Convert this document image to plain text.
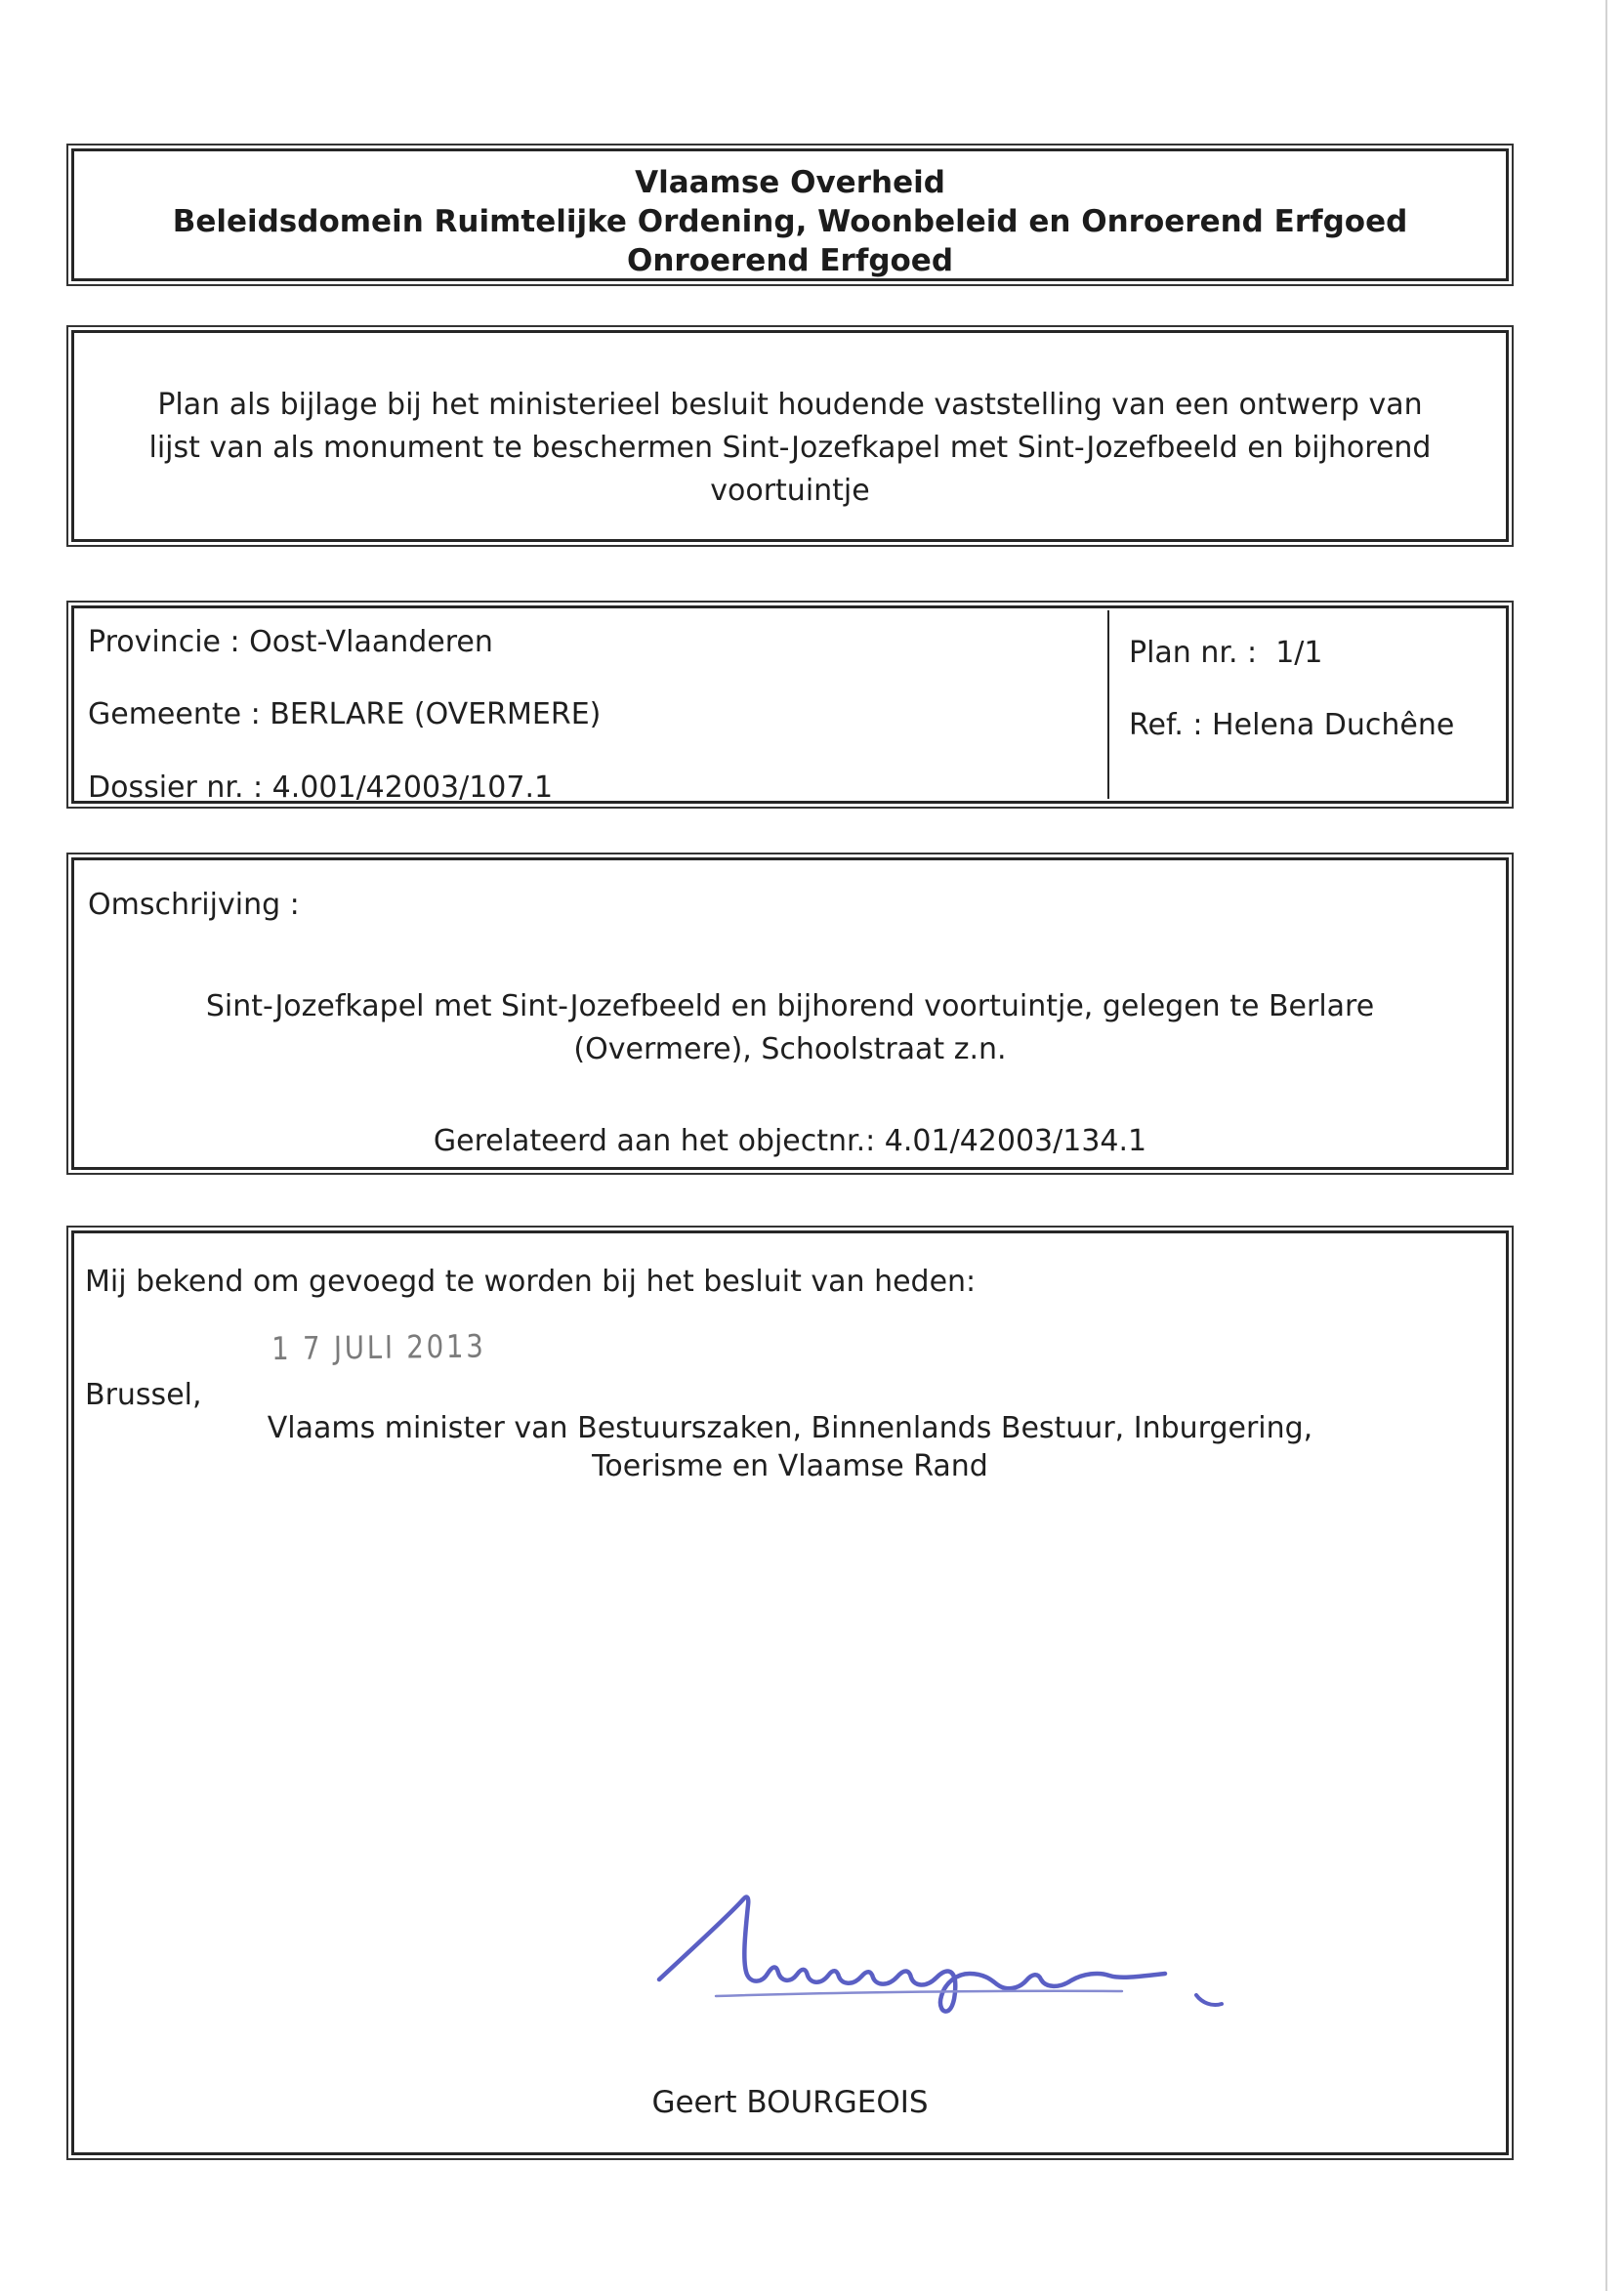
Vlaamse Overheid
Beleidsdomein Ruimtelijke Ordening, Woonbeleid en Onroerend Erfgoed
Onroerend Erfgoed
Plan als bijlage bij het ministerieel besluit houdende vaststelling van een ontwerp van
lijst van als monument te beschermen Sint-Jozefkapel met Sint-Jozefbeeld en bijhorend
voortuintje
Provincie : Oost-Vlaanderen
Gemeente : BERLARE (OVERMERE)
Dossier nr. : 4.001/42003/107.1
Plan nr. :  1/1
Ref. : Helena Duchêne
Omschrijving :
Sint-Jozefkapel met Sint-Jozefbeeld en bijhorend voortuintje, gelegen te Berlare
(Overmere), Schoolstraat z.n.
Gerelateerd aan het objectnr.: 4.01/42003/134.1
Mij bekend om gevoegd te worden bij het besluit van heden:
1 7 JULI 2013
Brussel,
Vlaams minister van Bestuurszaken, Binnenlands Bestuur, Inburgering,
Toerisme en Vlaamse Rand
Geert BOURGEOIS
